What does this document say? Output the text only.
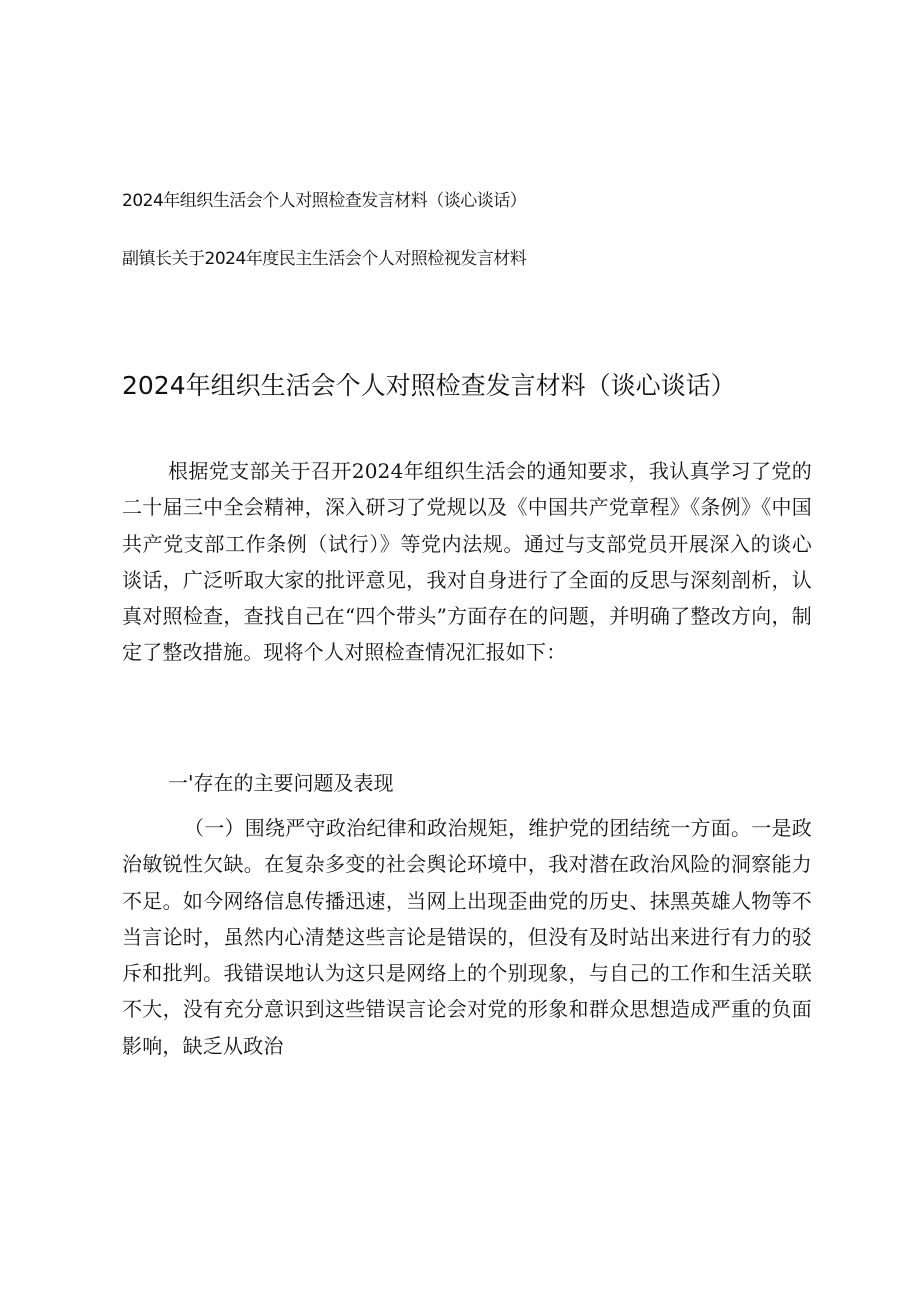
2024年组织生活会个人对照检查发言材料（谈心谈话）
副镇长关于2024年度民主生活会个人对照检视发言材料
2024年组织生活会个人对照检查发言材料（谈心谈话）
根据党支部关于召开2024年组织生活会的通知要求，我认真学习了党的二十届三中全会精神，深入研习了党规以及《中国共产党章程》《条例》《中国共产党支部工作条例（试行）》等党内法规。通过与支部党员开展深入的谈心谈话，广泛听取大家的批评意见，我对自身进行了全面的反思与深刻剖析，认真对照检查，查找自己在“四个带头”方面存在的问题，并明确了整改方向，制定了整改措施。现将个人对照检查情况汇报如下：
一'存在的主要问题及表现
（一）围绕严守政治纪律和政治规矩，维护党的团结统一方面。一是政治敏锐性欠缺。在复杂多变的社会舆论环境中，我对潜在政治风险的洞察能力不足。如今网络信息传播迅速，当网上出现歪曲党的历史、抹黑英雄人物等不当言论时，虽然内心清楚这些言论是错误的，但没有及时站出来进行有力的驳斥和批判。我错误地认为这只是网络上的个别现象，与自己的工作和生活关联不大，没有充分意识到这些错误言论会对党的形象和群众思想造成严重的负面影响，缺乏从政治
